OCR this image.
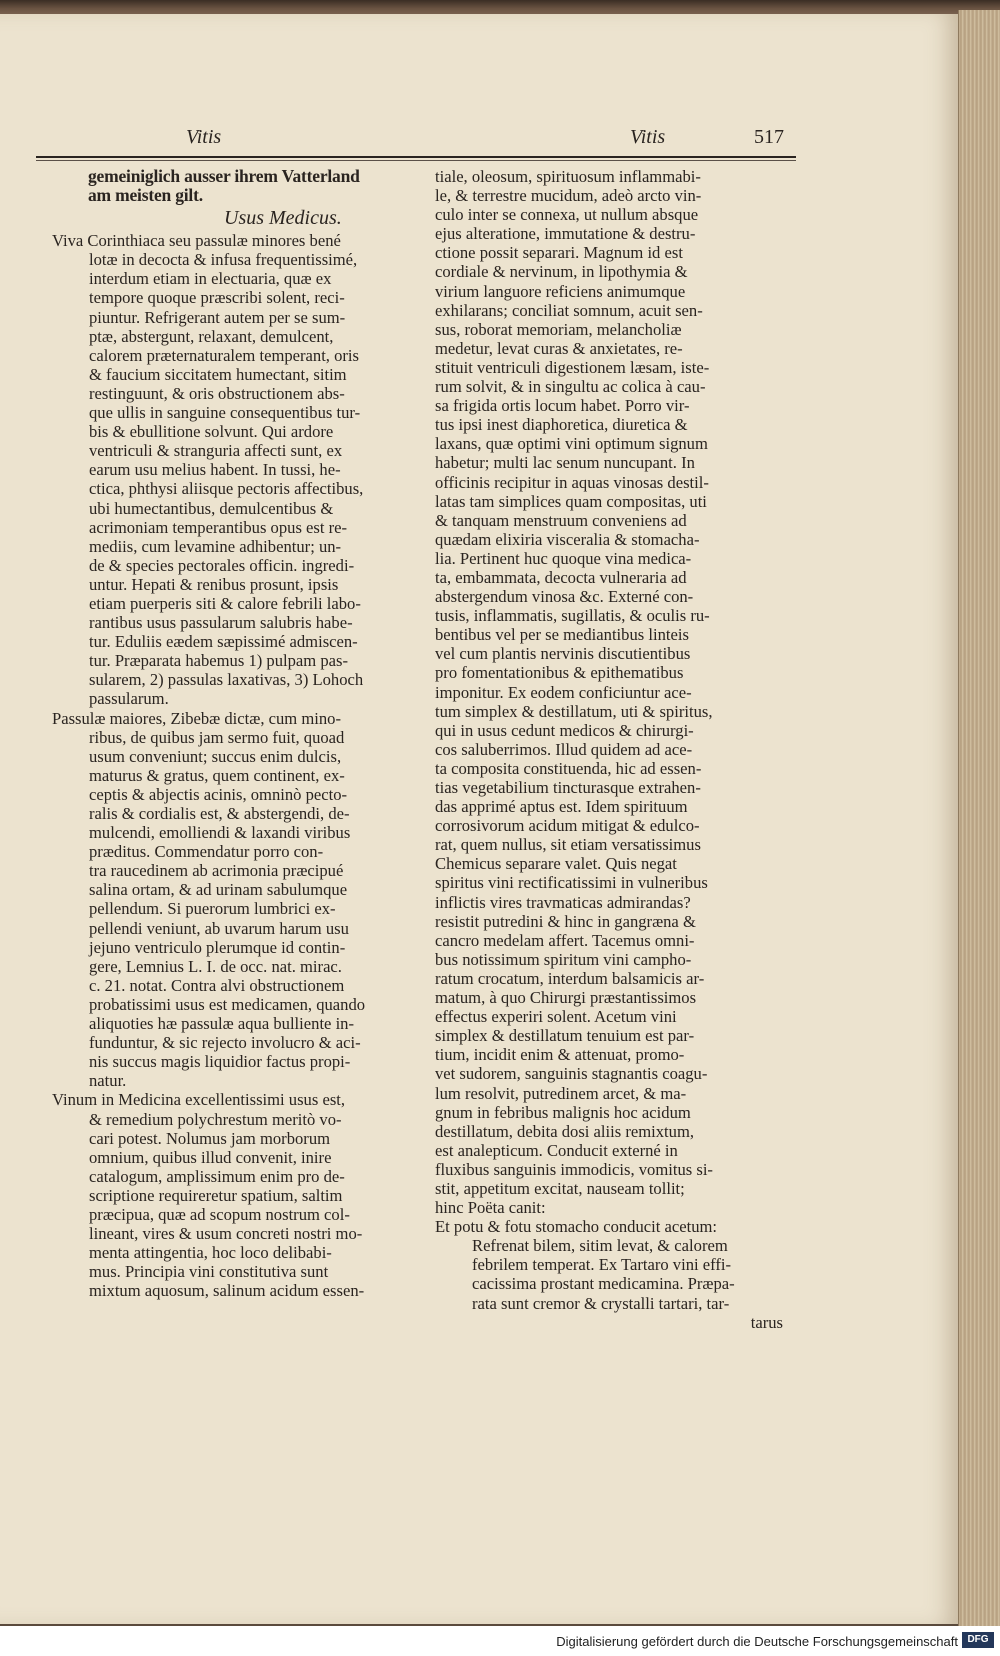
Vitis	Vitis	517
gemeiniglich ausser ihrem Vatterland
am meisten gilt.
Usus Medicus.
Viva Corinthiaca seu passulæ minores bené
lotæ in decocta & infusa frequentissimé,
interdum etiam in electuaria, quæ ex
tempore quoque præscribi solent, reci-
piuntur. Refrigerant autem per se sum-
ptæ, abstergunt, relaxant, demulcent,
calorem præternaturalem temperant, oris
& faucium siccitatem humectant, sitim
restinguunt, & oris obstructionem abs-
que ullis in sanguine consequentibus tur-
bis & ebullitione solvunt. Qui ardore
ventriculi & stranguria affecti sunt, ex
earum usu melius habent. In tussi, he-
ctica, phthysi aliisque pectoris affectibus,
ubi humectantibus, demulcentibus &
acrimoniam temperantibus opus est re-
mediis, cum levamine adhibentur; un-
de & species pectorales officin. ingredi-
untur. Hepati & renibus prosunt, ipsis
etiam puerperis siti & calore febrili labo-
rantibus usus passularum salubris habe-
tur. Eduliis eædem sæpissimé admiscen-
tur. Præparata habemus 1) pulpam pas-
sularem, 2) passulas laxativas, 3) Lohoch
passularum.
Passulæ maiores, Zibebæ dictæ, cum mino-
ribus, de quibus jam sermo fuit, quoad
usum conveniunt; succus enim dulcis,
maturus & gratus, quem continent, ex-
ceptis & abjectis acinis, omninò pecto-
ralis & cordialis est, & abstergendi, de-
mulcendi, emolliendi & laxandi viribus
præditus. Commendatur porro con-
tra raucedinem ab acrimonia præcipué
salina ortam, & ad urinam sabulumque
pellendum. Si puerorum lumbrici ex-
pellendi veniunt, ab uvarum harum usu
jejuno ventriculo plerumque id contin-
gere, Lemnius L. I. de occ. nat. mirac.
c. 21. notat. Contra alvi obstructionem
probatissimi usus est medicamen, quando
aliquoties hæ passulæ aqua bulliente in-
funduntur, & sic rejecto involucro & aci-
nis succus magis liquidior factus propi-
natur.
Vinum in Medicina excellentissimi usus est,
& remedium polychrestum meritò vo-
cari potest. Nolumus jam morborum
omnium, quibus illud convenit, inire
catalogum, amplissimum enim pro de-
scriptione requireretur spatium, saltim
præcipua, quæ ad scopum nostrum col-
lineant, vires & usum concreti nostri mo-
menta attingentia, hoc loco delibabi-
mus. Principia vini constitutiva sunt
mixtum aquosum, salinum acidum essen-
tiale, oleosum, spirituosum inflammabi-
le, & terrestre mucidum, adeò arcto vin-
culo inter se connexa, ut nullum absque
ejus alteratione, immutatione & destru-
ctione possit separari. Magnum id est
cordiale & nervinum, in lipothymia &
virium languore reficiens animumque
exhilarans; conciliat somnum, acuit sen-
sus, roborat memoriam, melancholiæ
medetur, levat curas & anxietates, re-
stituit ventriculi digestionem læsam, iste-
rum solvit, & in singultu ac colica à cau-
sa frigida ortis locum habet. Porro vir-
tus ipsi inest diaphoretica, diuretica &
laxans, quæ optimi vini optimum signum
habetur; multi lac senum nuncupant. In
officinis recipitur in aquas vinosas destil-
latas tam simplices quam compositas, uti
& tanquam menstruum conveniens ad
quædam elixiria visceralia & stomacha-
lia. Pertinent huc quoque vina medica-
ta, embammata, decocta vulneraria ad
abstergendum vinosa &c. Externé con-
tusis, inflammatis, sugillatis, & oculis ru-
bentibus vel per se mediantibus linteis
vel cum plantis nervinis discutientibus
pro fomentationibus & epithematibus
imponitur. Ex eodem conficiuntur ace-
tum simplex & destillatum, uti & spiritus,
qui in usus cedunt medicos & chirurgi-
cos saluberrimos. Illud quidem ad ace-
ta composita constituenda, hic ad essen-
tias vegetabilium tincturasque extrahen-
das apprimé aptus est. Idem spirituum
corrosivorum acidum mitigat & edulco-
rat, quem nullus, sit etiam versatissimus
Chemicus separare valet. Quis negat
spiritus vini rectificatissimi in vulneribus
inflictis vires travmaticas admirandas?
resistit putredini & hinc in gangræna &
cancro medelam affert. Tacemus omni-
bus notissimum spiritum vini campho-
ratum crocatum, interdum balsamicis ar-
matum, à quo Chirurgi præstantissimos
effectus experiri solent. Acetum vini
simplex & destillatum tenuium est par-
tium, incidit enim & attenuat, promo-
vet sudorem, sanguinis stagnantis coagu-
lum resolvit, putredinem arcet, & ma-
gnum in febribus malignis hoc acidum
destillatum, debita dosi aliis remixtum,
est analepticum. Conducit externé in
fluxibus sanguinis immodicis, vomitus si-
stit, appetitum excitat, nauseam tollit;
hinc Poëta canit:
Et potu & fotu stomacho conducit acetum:
Refrenat bilem, sitim levat, & calorem
febrilem temperat. Ex Tartaro vini effi-
cacissima prostant medicamina. Præpa-
rata sunt cremor & crystalli tartari, tar-
tarus
Digitalisierung gefördert durch die Deutsche Forschungsgemeinschaft DFG
